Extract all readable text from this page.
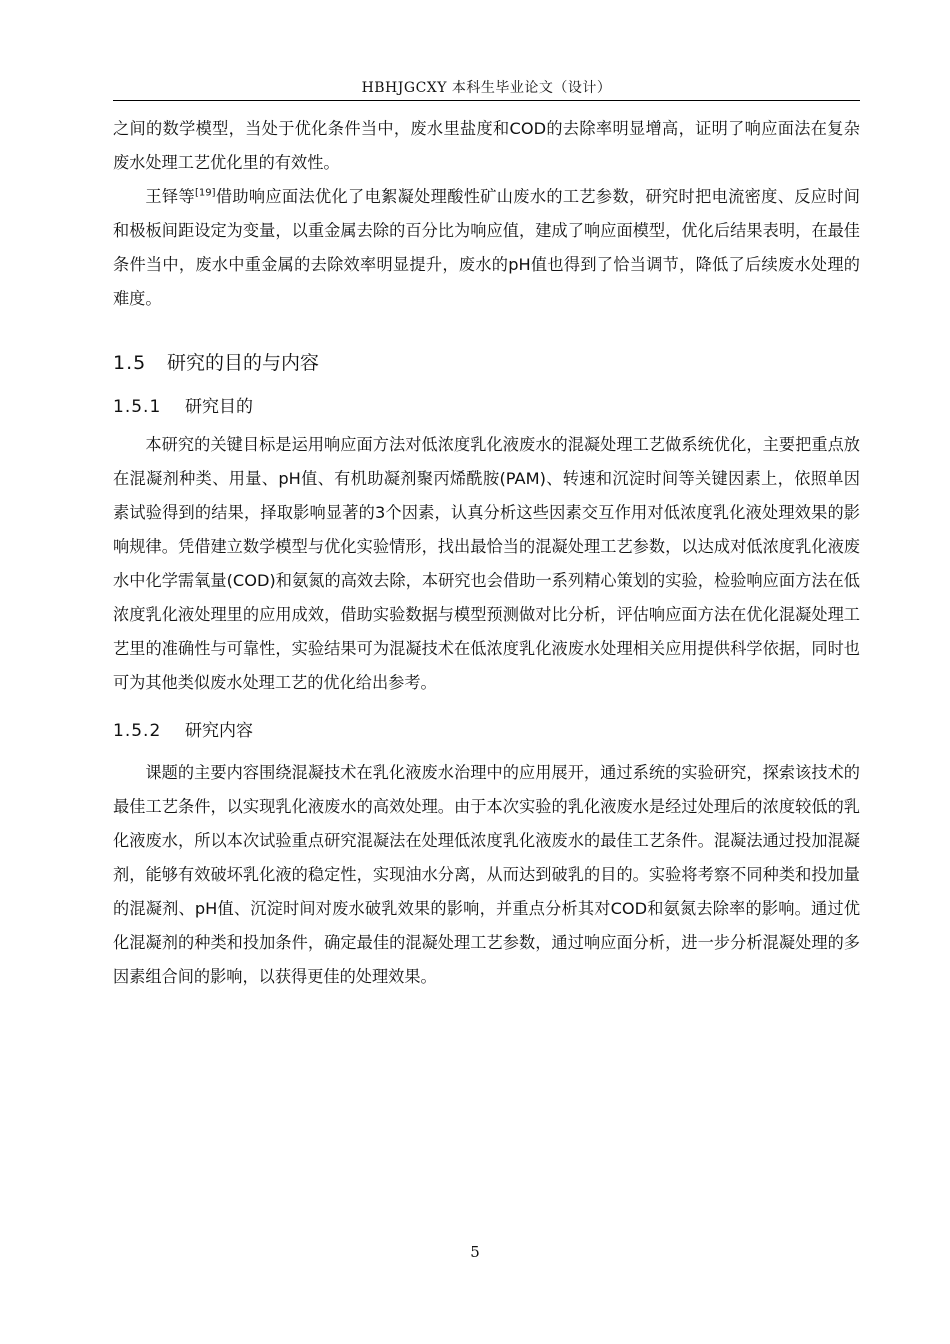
HBHJGCXY 本科生毕业论文（设计）

之间的数学模型，当处于优化条件当中，废水里盐度和COD的去除率明显增高，证明了响应面法在复杂废水处理工艺优化里的有效性。

王铎等[19]借助响应面法优化了电絮凝处理酸性矿山废水的工艺参数，研究时把电流密度、反应时间和极板间距设定为变量，以重金属去除的百分比为响应值，建成了响应面模型，优化后结果表明，在最佳条件当中，废水中重金属的去除效率明显提升，废水的pH值也得到了恰当调节，降低了后续废水处理的难度。

1.5 研究的目的与内容
1.5.1 研究目的

本研究的关键目标是运用响应面方法对低浓度乳化液废水的混凝处理工艺做系统优化，主要把重点放在混凝剂种类、用量、pH值、有机助凝剂聚丙烯酰胺(PAM)、转速和沉淀时间等关键因素上，依照单因素试验得到的结果，择取影响显著的3个因素，认真分析这些因素交互作用对低浓度乳化液处理效果的影响规律。凭借建立数学模型与优化实验情形，找出最恰当的混凝处理工艺参数，以达成对低浓度乳化液废水中化学需氧量(COD)和氨氮的高效去除，本研究也会借助一系列精心策划的实验，检验响应面方法在低浓度乳化液处理里的应用成效，借助实验数据与模型预测做对比分析，评估响应面方法在优化混凝处理工艺里的准确性与可靠性，实验结果可为混凝技术在低浓度乳化液废水处理相关应用提供科学依据，同时也可为其他类似废水处理工艺的优化给出参考。

1.5.2 研究内容

课题的主要内容围绕混凝技术在乳化液废水治理中的应用展开，通过系统的实验研究，探索该技术的最佳工艺条件，以实现乳化液废水的高效处理。由于本次实验的乳化液废水是经过处理后的浓度较低的乳化液废水，所以本次试验重点研究混凝法在处理低浓度乳化液废水的最佳工艺条件。混凝法通过投加混凝剂，能够有效破坏乳化液的稳定性，实现油水分离，从而达到破乳的目的。实验将考察不同种类和投加量的混凝剂、pH值、沉淀时间对废水破乳效果的影响，并重点分析其对COD和氨氮去除率的影响。通过优化混凝剂的种类和投加条件，确定最佳的混凝处理工艺参数，通过响应面分析，进一步分析混凝处理的多因素组合间的影响，以获得更佳的处理效果。

5
